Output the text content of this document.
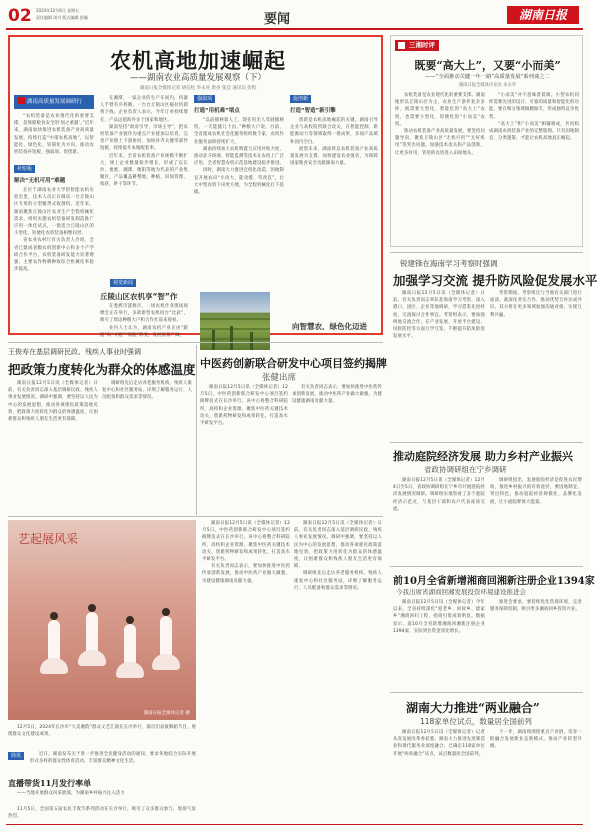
02 2024年12月6日 星期五
责任编辑 周丹 版式编辑 彭毓	要闻	湖南日报
农机高地加速崛起
——湖南农业高质量发展观察（下）
湖南日报全媒体记者 胡信松 李永亮 唐亮 张佳 通讯员 彭程
湖南高质量发展调研行

“农机装备是农业现代化的重要支撑，是保障粮食安全的‘国之重器’。”近年来，湖南加快推进农机装备产业高质量发展，持续打造“中部农机高地”，以智能化、绿色化、轻简化为方向，推动农机装备补短板、强弱项、促创新。

补短板
解决“无机可用”难题

在位于湖南农业大学的智能农机实验室里，技术人员正在调试一台丘陵山区专用的小型履带式收割机。近年来，湖南聚焦丘陵山区农业生产全程机械化需求，组织实施农机装备研发制造推广应用一体化试点，一批适合丘陵山区的小型化、轻便化农机装备相继问世。

省农业农村厅有关负责人介绍，全省已建成省级农机创新中心和多个产学研合作平台，农机装备研发能力显著增强，主要农作物耕种收综合机械化率稳步提高。

在湘潭，一家企业的生产车间内，机器人手臂有序挥舞，一台台丘陵山区拖拉机即将下线。企业负责人表示，今年订单持续增长，产品远销海外多个国家和地区。

湖南坚持“政府引导、市场主导”，把农机装备产业链作为重点产业链加以培育，完善产业链上下游协同，加快补齐关键零部件短板，持续提升本地配套率。

近年来，全省农机装备产业规模不断扩大，规上企业数量稳步增长，形成了以长沙、娄底、湘潭、衡阳等地为代表的产业集聚区，产品覆盖耕整地、种植、田间管理、收获、烘干等环节。

强弱项
打通“用机难”堵点

“以前插秧靠人工，现在用无人驾驶插秧机，一天能插几十亩。”种粮大户说。目前，全省建成农机社会化服务组织数千家，农机作业服务面积持续扩大。

湖南持续加大农机购置与应用补贴力度，推动北斗终端、智能监测等技术在农机上广泛应用，全省智慧农机示范基地建设稳步推进。

同时，湖南大力推进宜机化改造，因地制宜开展农田“小改大、陡改缓、弯改直”，让大中型农机下田更方便，为全程机械化打下基础。

视觉新闻
丘陵山区农机享“智”作

在娄底市涟源市，一场农机作业现场观摩会正在举行，多款新型农机同台“比武”，吸引了周边种粮大户和合作社前来观看。

业内人士认为，湖南农机产业正由“跟跑”向“并跑”“领跑”转变，发展前景广阔。

促创新
打造“智造”新引擎

创新是农机高地崛起的关键。湖南引导企业与高校院所联合攻关，在智能控制、新能源动力等领域取得一批成果，多项产品填补国内空白。

展望未来，湖南将以农机装备产业高质量发展为支撑，加快建设农业强省，为保障国家粮食安全贡献湖南力量。

向智慧农、绿色化迈进
三湘时评
既要“高大上”，又要“小而美”
——“全面推动关键一年一路”高质量发展“系列谈之二
湖南日报全媒体评论员 朱永华

农机装备是农业现代化的重要支撑。湖南地形以丘陵山区为主，农业生产条件复杂多样，既需要大型化、智能化的“高大上”农机，也需要小型化、轻便化的“小而美”农机。

推动农机装备产业高质量发展，要坚持问题导向，聚焦丘陵山区“无机可用”“无好机用”等突出问题，加强技术攻关和产品创新，让更多好用、管用的农机进入田间地头。

“小而美”并不意味着低端。小型农机同样需要先进的设计、可靠的质量和智能化的功能，要在细分领域做精做专，形成独特竞争优势。

“高大上”和“小而美”相辅相成，共同构成湖南农机装备产业的完整版图。只有因地制宜、分类施策，才能让农机高地真正崛起。

锐建锋在海南学习考察时强调
加强学习交流 提升防风险促发展水平

湖南日报12月5日讯（全媒体记者）日前，有关负责同志率队赴海南学习考察，深入港口、园区、企业等地调研，学习借鉴先进经验，交流探讨合作事宜。考察组表示，要加强两地交流合作，在产业发展、开放平台建设、风险防控等方面互学互鉴，不断提升防风险促发展水平。

考察期间，考察组还与当地有关部门进行座谈，就深化务实合作、推动优势互补达成共识，双方将在更多领域加强沟通对接，实现互利共赢。

王俊寿在基层调研民政、残疾人事业时强调
把政策力度转化为群众的体感温度

湖南日报12月5日讯（全媒体记者）日前，有关负责同志深入基层调研民政、残疾人事业发展情况。调研中强调，要坚持以人民为中心的发展思想，推动各项惠民政策落地见效，把政策力度转化为群众的体感温度，让困难群众和残疾人朋友生活更有保障。

调研组先后走访养老服务机构、残疾人康复中心和社区服务站，详细了解服务运行、人员配备和群众需求等情况。

中医药创新联合研发中心项目签约揭牌
张健出席

湖南日报12月5日讯（全媒体记者）12月5日，中医药创新联合研发中心项目签约揭牌仪式在长沙举行。该中心将整合科研院所、高校和企业资源，聚焦中医药关键技术攻关、创新药物研发和成果转化，打造高水平研发平台。

有关负责同志表示，要加快推进中医药传承创新发展，推动中医药产业做大做强，为建设健康湖南贡献力量。

推动庭院经济发展 助力乡村产业振兴
省政协调研组在宁乡调研

湖南日报12月5日讯（全媒体记者）12月4日至5日，省政协调研组在宁乡市开展庭院经济发展情况调研。调研组实地察看了多个庭院经济示范点，与基层干部和农户代表座谈交流。

调研组指出，发展庭院经济是促进农民增收、推进乡村振兴的有效途径，要因地制宜、突出特色，推动庭院经济规模化、品牌化发展，让小庭院释放大能量。

前10月全省新增湘商回湘新注册企业1394家
今我出席省湖商回湘发展投资环境建设推进会

湖南日报12月5日讯（全媒体记者）今年以来，全省持续深化“迎老乡、回故乡、建家乡”湘商回归工程，招商引资成效明显。数据显示，前10月全省新增湘商回湘新注册企业1394家，实际到位资金同比增长。

推进会要求，要持续优化营商环境，完善服务保障机制，吸引更多湘商回乡投资兴业。

湖南大力推进“两业融合”
118家单位试点，数量居全国前列

湖南日报12月5日讯（全媒体记者）记者从省发展改革委获悉，湖南大力推进先进制造业和现代服务业深度融合，已确定118家单位开展“两业融合”试点，试点数量居全国前列。

下一步，湖南将围绕重点产业链，培育一批融合发展新业态新模式，推动产业转型升级。

艺起展风采
湖南日报全媒体记者 摄

12月5日，2024年长沙市“大美湘韵”群众文艺汇演在长沙举行，演员们表演舞蹈节目，展现群众文化建设成果。

简讯	近日，湖南发布关于进一步推进全民健身活动的通知，要求各地结合实际开展形式多样的群众性体育活动，丰富群众精神文化生活。

直播带货11月发行率单

——当地开展群众风采展演，为湖南乡村振兴注入活力

11月5日，全国第五届农民丰收节系列活动在长沙举行，吸引了众多群众参与，现场气氛热烈。

湖南日报12月5日讯（全媒体记者）12月5日，中医药创新联合研发中心项目签约揭牌仪式在长沙举行。该中心将整合科研院所、高校和企业资源，聚焦中医药关键技术攻关、创新药物研发和成果转化，打造高水平研发平台。

有关负责同志表示，要加快推进中医药传承创新发展，推动中医药产业做大做强，为建设健康湖南贡献力量。

湖南日报12月5日讯（全媒体记者）日前，有关负责同志深入基层调研民政、残疾人事业发展情况。调研中强调，要坚持以人民为中心的发展思想，推动各项惠民政策落地见效，把政策力度转化为群众的体感温度，让困难群众和残疾人朋友生活更有保障。

调研组先后走访养老服务机构、残疾人康复中心和社区服务站，详细了解服务运行、人员配备和群众需求等情况。
